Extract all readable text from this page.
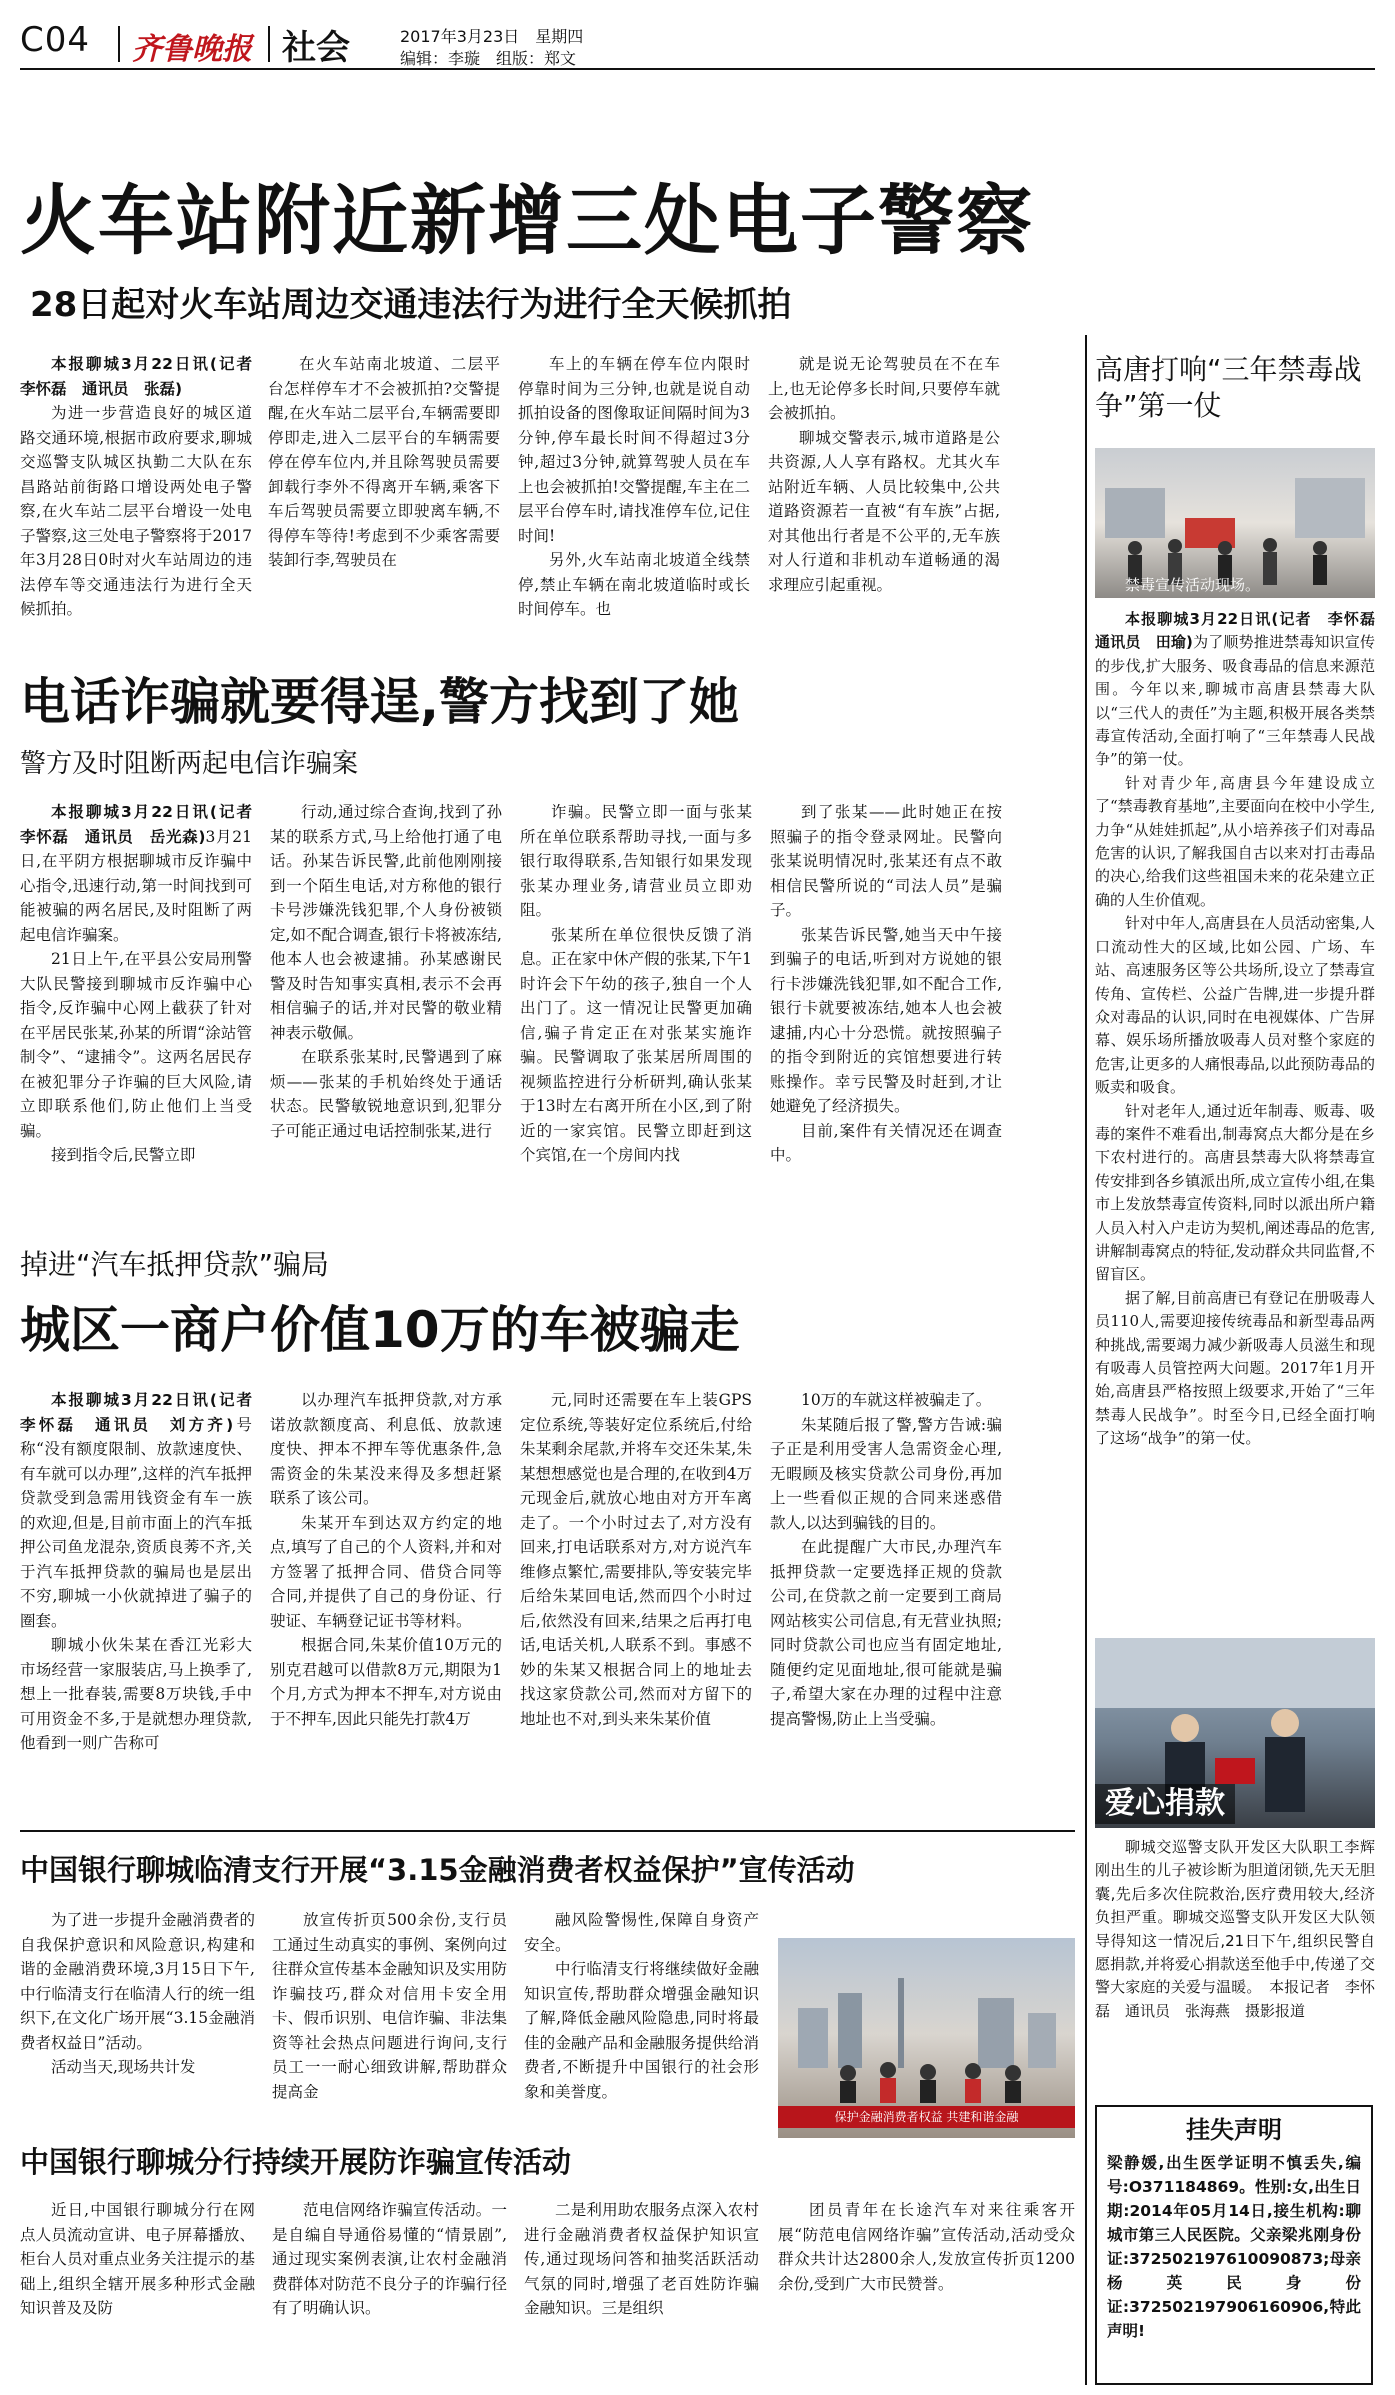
C04 齐鲁晚报 社会	2017年3月23日　星期四
编辑：李璇　组版：郑文
火车站附近新增三处电子警察
28日起对火车站周边交通违法行为进行全天候抓拍

本报聊城3月22日讯(记者　李怀磊　通讯员　张磊)

为进一步营造良好的城区道路交通环境,根据市政府要求,聊城交巡警支队城区执勤二大队在东昌路站前街路口增设两处电子警察,在火车站二层平台增设一处电子警察,这三处电子警察将于2017年3月28日0时对火车站周边的违法停车等交通违法行为进行全天候抓拍。

在火车站南北坡道、二层平台怎样停车才不会被抓拍?交警提醒,在火车站二层平台,车辆需要即停即走,进入二层平台的车辆需要停在停车位内,并且除驾驶员需要卸载行李外不得离开车辆,乘客下车后驾驶员需要立即驶离车辆,不得停车等待!考虑到不少乘客需要装卸行李,驾驶员在

车上的车辆在停车位内限时停靠时间为三分钟,也就是说自动抓拍设备的图像取证间隔时间为3分钟,停车最长时间不得超过3分钟,超过3分钟,就算驾驶人员在车上也会被抓拍!交警提醒,车主在二层平台停车时,请找准停车位,记住时间!

另外,火车站南北坡道全线禁停,禁止车辆在南北坡道临时或长时间停车。也

就是说无论驾驶员在不在车上,也无论停多长时间,只要停车就会被抓拍。

聊城交警表示,城市道路是公共资源,人人享有路权。尤其火车站附近车辆、人员比较集中,公共道路资源若一直被“有车族”占据,对其他出行者是不公平的,无车族对人行道和非机动车道畅通的渴求理应引起重视。

电话诈骗就要得逞,警方找到了她
警方及时阻断两起电信诈骗案

本报聊城3月22日讯(记者　李怀磊　通讯员　岳光森)3月21日,在平阴方根据聊城市反诈骗中心指令,迅速行动,第一时间找到可能被骗的两名居民,及时阻断了两起电信诈骗案。

21日上午,在平县公安局刑警大队民警接到聊城市反诈骗中心指令,反诈骗中心网上截获了针对在平居民张某,孙某的所谓“涂站管制令”、“逮捕令”。这两名居民存在被犯罪分子诈骗的巨大风险,请立即联系他们,防止他们上当受骗。

接到指令后,民警立即

行动,通过综合查询,找到了孙某的联系方式,马上给他打通了电话。孙某告诉民警,此前他刚刚接到一个陌生电话,对方称他的银行卡号涉嫌洗钱犯罪,个人身份被锁定,如不配合调查,银行卡将被冻结,他本人也会被逮捕。孙某感谢民警及时告知事实真相,表示不会再相信骗子的话,并对民警的敬业精神表示敬佩。

在联系张某时,民警遇到了麻烦——张某的手机始终处于通话状态。民警敏锐地意识到,犯罪分子可能正通过电话控制张某,进行

诈骗。民警立即一面与张某所在单位联系帮助寻找,一面与多银行取得联系,告知银行如果发现张某办理业务,请营业员立即劝阻。

张某所在单位很快反馈了消息。正在家中休产假的张某,下午1时许会下午幼的孩子,独自一个人出门了。这一情况让民警更加确信,骗子肯定正在对张某实施诈骗。民警调取了张某居所周围的视频监控进行分析研判,确认张某于13时左右离开所在小区,到了附近的一家宾馆。民警立即赶到这个宾馆,在一个房间内找

到了张某——此时她正在按照骗子的指令登录网址。民警向张某说明情况时,张某还有点不敢相信民警所说的“司法人员”是骗子。

张某告诉民警,她当天中午接到骗子的电话,听到对方说她的银行卡涉嫌洗钱犯罪,如不配合工作,银行卡就要被冻结,她本人也会被逮捕,内心十分恐慌。就按照骗子的指令到附近的宾馆想要进行转账操作。幸亏民警及时赶到,才让她避免了经济损失。

目前,案件有关情况还在调查中。

掉进“汽车抵押贷款”骗局
城区一商户价值10万的车被骗走

本报聊城3月22日讯(记者　李怀磊　通讯员　刘方齐)号称“没有额度限制、放款速度快、有车就可以办理”,这样的汽车抵押贷款受到急需用钱资金有车一族的欢迎,但是,目前市面上的汽车抵押公司鱼龙混杂,资质良莠不齐,关于汽车抵押贷款的骗局也是层出不穷,聊城一小伙就掉进了骗子的圈套。

聊城小伙朱某在香江光彩大市场经营一家服装店,马上换季了,想上一批春装,需要8万块钱,手中可用资金不多,于是就想办理贷款,他看到一则广告称可

以办理汽车抵押贷款,对方承诺放款额度高、利息低、放款速度快、押本不押车等优惠条件,急需资金的朱某没来得及多想赶紧联系了该公司。

朱某开车到达双方约定的地点,填写了自己的个人资料,并和对方签署了抵押合同、借贷合同等合同,并提供了自己的身份证、行驶证、车辆登记证书等材料。

根据合同,朱某价值10万元的别克君越可以借款8万元,期限为1个月,方式为押本不押车,对方说由于不押车,因此只能先打款4万

元,同时还需要在车上装GPS定位系统,等装好定位系统后,付给朱某剩余尾款,并将车交还朱某,朱某想想感觉也是合理的,在收到4万元现金后,就放心地由对方开车离走了。一个小时过去了,对方没有回来,打电话联系对方,对方说汽车维修点繁忙,需要排队,等安装完毕后给朱某回电话,然而四个小时过后,依然没有回来,结果之后再打电话,电话关机,人联系不到。事感不妙的朱某又根据合同上的地址去找这家贷款公司,然而对方留下的地址也不对,到头来朱某价值

10万的车就这样被骗走了。

朱某随后报了警,警方告诫:骗子正是利用受害人急需资金心理,无暇顾及核实贷款公司身份,再加上一些看似正规的合同来迷惑借款人,以达到骗钱的目的。

在此提醒广大市民,办理汽车抵押贷款一定要选择正规的贷款公司,在贷款之前一定要到工商局网站核实公司信息,有无营业执照;同时贷款公司也应当有固定地址,随便约定见面地址,很可能就是骗子,希望大家在办理的过程中注意提高警惕,防止上当受骗。

中国银行聊城临清支行开展“3.15金融消费者权益保护”宣传活动

为了进一步提升金融消费者的自我保护意识和风险意识,构建和谐的金融消费环境,3月15日下午,中行临清支行在临清人行的统一组织下,在文化广场开展“3.15金融消费者权益日”活动。

活动当天,现场共计发

放宣传折页500余份,支行员工通过生动真实的事例、案例向过往群众宣传基本金融知识及实用防诈骗技巧,群众对信用卡安全用卡、假币识别、电信诈骗、非法集资等社会热点问题进行询问,支行员工一一耐心细致讲解,帮助群众提高金

融风险警惕性,保障自身资产安全。

中行临清支行将继续做好金融知识宣传,帮助群众增强金融知识了解,降低金融风险隐患,同时将最佳的金融产品和金融服务提供给消费者,不断提升中国银行的社会形象和美誉度。

保护金融消费者权益 共建和谐金融
中国银行聊城分行持续开展防诈骗宣传活动

近日,中国银行聊城分行在网点人员流动宣讲、电子屏幕播放、柜台人员对重点业务关注提示的基础上,组织全辖开展多种形式金融知识普及及防

范电信网络诈骗宣传活动。一是自编自导通俗易懂的“情景剧”,通过现实案例表演,让农村金融消费群体对防范不良分子的诈骗行径有了明确认识。

二是利用助农服务点深入农村进行金融消费者权益保护知识宣传,通过现场问答和抽奖活跃活动气氛的同时,增强了老百姓防诈骗金融知识。三是组织

团员青年在长途汽车对来往乘客开展“防范电信网络诈骗”宣传活动,活动受众群众共计达2800余人,发放宣传折页1200余份,受到广大市民赞誉。

高唐打响“三年禁毒战争”第一仗
禁毒宣传活动现场。

本报聊城3月22日讯(记者　李怀磊　通讯员　田瑜)为了顺势推进禁毒知识宣传的步伐,扩大服务、吸食毒品的信息来源范围。今年以来,聊城市高唐县禁毒大队以“三代人的责任”为主题,积极开展各类禁毒宣传活动,全面打响了“三年禁毒人民战争”的第一仗。

针对青少年,高唐县今年建设成立了“禁毒教育基地”,主要面向在校中小学生,力争“从娃娃抓起”,从小培养孩子们对毒品危害的认识,了解我国自古以来对打击毒品的决心,给我们这些祖国未来的花朵建立正确的人生价值观。

针对中年人,高唐县在人员活动密集,人口流动性大的区域,比如公园、广场、车站、高速服务区等公共场所,设立了禁毒宣传角、宣传栏、公益广告牌,进一步提升群众对毒品的认识,同时在电视媒体、广告屏幕、娱乐场所播放吸毒人员对整个家庭的危害,让更多的人痛恨毒品,以此预防毒品的贩卖和吸食。

针对老年人,通过近年制毒、贩毒、吸毒的案件不难看出,制毒窝点大都分是在乡下农村进行的。高唐县禁毒大队将禁毒宣传安排到各乡镇派出所,成立宣传小组,在集市上发放禁毒宣传资料,同时以派出所户籍人员入村入户走访为契机,阐述毒品的危害,讲解制毒窝点的特征,发动群众共同监督,不留盲区。

据了解,目前高唐已有登记在册吸毒人员110人,需要迎接传统毒品和新型毒品两种挑战,需要竭力减少新吸毒人员滋生和现有吸毒人员管控两大问题。2017年1月开始,高唐县严格按照上级要求,开始了“三年禁毒人民战争”。时至今日,已经全面打响了这场“战争”的第一仗。

爱心捐款

聊城交巡警支队开发区大队职工李辉刚出生的儿子被诊断为胆道闭锁,先天无胆囊,先后多次住院救治,医疗费用较大,经济负担严重。聊城交巡警支队开发区大队领导得知这一情况后,21日下午,组织民警自愿捐款,并将爱心捐款送至他手中,传递了交警大家庭的关爱与温暖。　本报记者　李怀磊　通讯员　张海燕　摄影报道

挂失声明
梁静媛,出生医学证明不慎丢失,编号:O371184869。性别:女,出生日期:2014年05月14日,接生机构:聊城市第三人民医院。父亲梁兆刚身份证:372502197610090873;母亲杨英民身份证:372502197906160906,特此声明!
